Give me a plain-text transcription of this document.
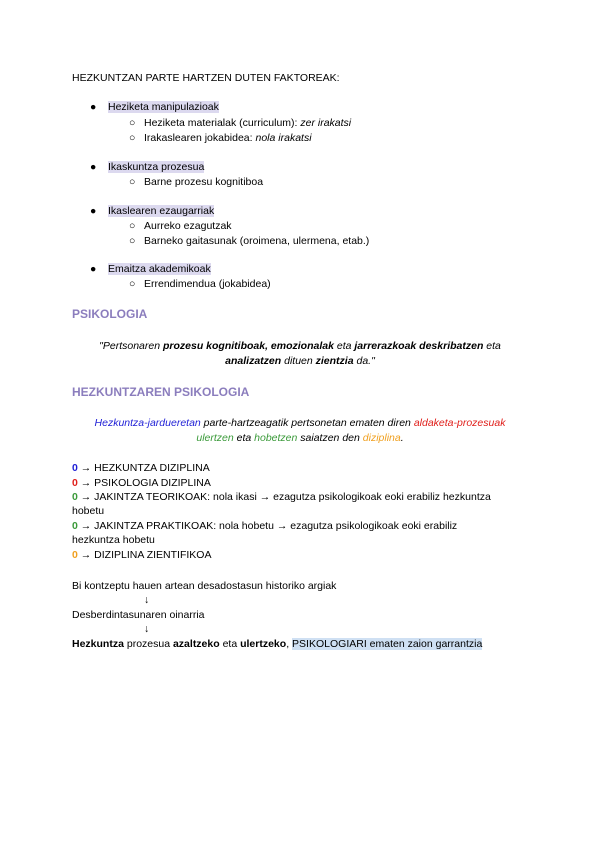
HEZKUNTZAN PARTE HARTZEN DUTEN FAKTOREAK:
● Heziketa manipulazioak
○ Heziketa materialak (curriculum): zer irakatsi
○ Irakaslearen jokabidea: nola irakatsi
● Ikaskuntza prozesua
○ Barne prozesu kognitiboa
● Ikaslearen ezaugarriak
○ Aurreko ezagutzak
○ Barneko gaitasunak (oroimena, ulermena, etab.)
● Emaitza akademikoak
○ Errendimendua (jokabidea)
PSIKOLOGIA
"Pertsonaren prozesu kognitiboak, emozionalak eta jarrerazkoak deskribatzen eta
analizatzen dituen zientzia da."
HEZKUNTZAREN PSIKOLOGIA
Hezkuntza-jardueretan parte-hartzeagatik pertsonetan ematen diren aldaketa-prozesuak
ulertzen eta hobetzen saiatzen den diziplina.
0 → HEZKUNTZA DIZIPLINA
0 → PSIKOLOGIA DIZIPLINA
0 → JAKINTZA TEORIKOAK: nola ikasi → ezagutza psikologikoak eoki erabiliz hezkuntza
hobetu
0 → JAKINTZA PRAKTIKOAK: nola hobetu → ezagutza psikologikoak eoki erabiliz
hezkuntza hobetu
0 → DIZIPLINA ZIENTIFIKOA
Bi kontzeptu hauen artean desadostasun historiko argiak
↓
Desberdintasunaren oinarria
↓
Hezkuntza prozesua azaltzeko eta ulertzeko, PSIKOLOGIARI ematen zaion garrantzia
